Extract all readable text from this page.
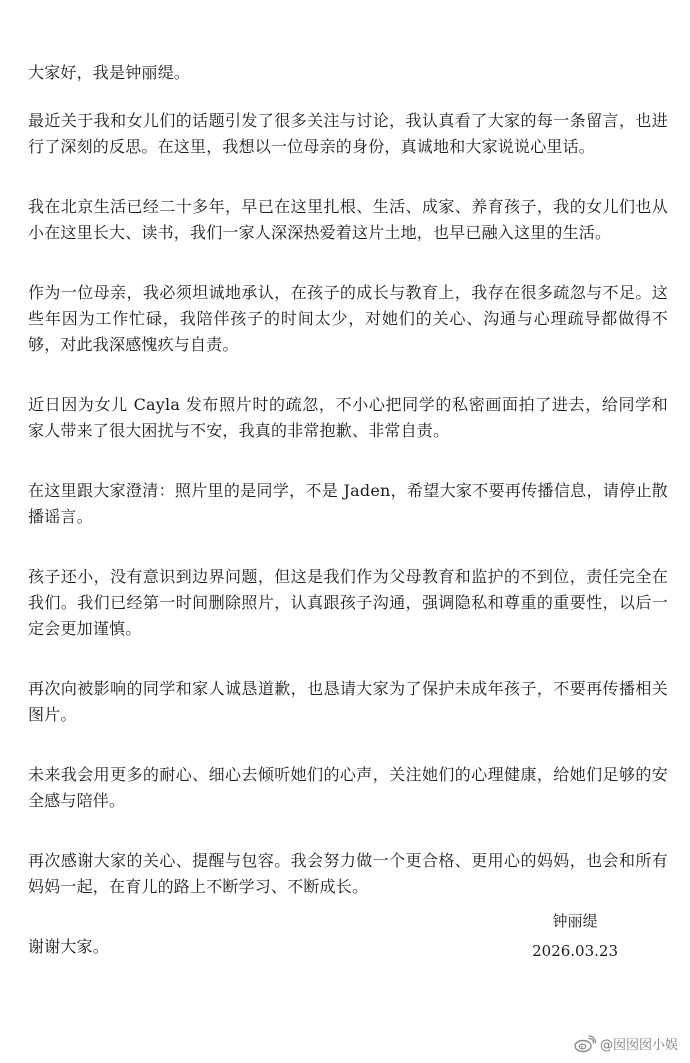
大家好，我是钟丽缇。

最近关于我和女儿们的话题引发了很多关注与讨论，我认真看了大家的每一条留言，也进行了深刻的反思。在这里，我想以一位母亲的身份，真诚地和大家说说心里话。

我在北京生活已经二十多年，早已在这里扎根、生活、成家、养育孩子，我的女儿们也从小在这里长大、读书，我们一家人深深热爱着这片土地，也早已融入这里的生活。

作为一位母亲，我必须坦诚地承认，在孩子的成长与教育上，我存在很多疏忽与不足。这些年因为工作忙碌，我陪伴孩子的时间太少，对她们的关心、沟通与心理疏导都做得不够，对此我深感愧疚与自责。

近日因为女儿 Cayla 发布照片时的疏忽，不小心把同学的私密画面拍了进去，给同学和家人带来了很大困扰与不安，我真的非常抱歉、非常自责。

在这里跟大家澄清：照片里的是同学，不是 Jaden，希望大家不要再传播信息，请停止散播谣言。

孩子还小，没有意识到边界问题，但这是我们作为父母教育和监护的不到位，责任完全在我们。我们已经第一时间删除照片，认真跟孩子沟通，强调隐私和尊重的重要性，以后一定会更加谨慎。

再次向被影响的同学和家人诚恳道歉，也恳请大家为了保护未成年孩子，不要再传播相关图片。

未来我会用更多的耐心、细心去倾听她们的心声，关注她们的心理健康，给她们足够的安全感与陪伴。

再次感谢大家的关心、提醒与包容。我会努力做一个更合格、更用心的妈妈，也会和所有妈妈一起，在育儿的路上不断学习、不断成长。

谢谢大家。

钟丽缇
2026.03.23
@囡囡囡小娱
